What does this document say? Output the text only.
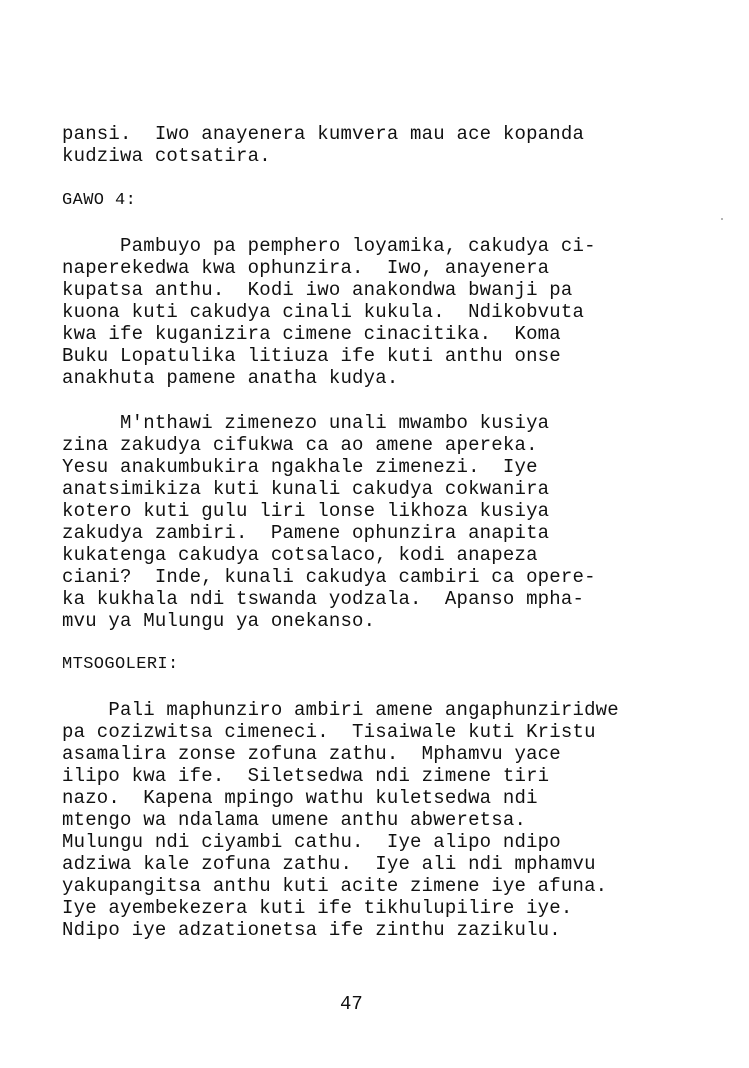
pansi.  Iwo anayenera kumvera mau ace kopanda
kudziwa cotsatira.
GAWO 4:
Pambuyo pa pemphero loyamika, cakudya ci-
naperekedwa kwa ophunzira.  Iwo, anayenera
kupatsa anthu.  Kodi iwo anakondwa bwanji pa
kuona kuti cakudya cinali kukula.  Ndikobvuta
kwa ife kuganizira cimene cinacitika.  Koma
Buku Lopatulika litiuza ife kuti anthu onse
anakhuta pamene anatha kudya.
M'nthawi zimenezo unali mwambo kusiya
zina zakudya cifukwa ca ao amene apereka.
Yesu anakumbukira ngakhale zimenezi.  Iye
anatsimikiza kuti kunali cakudya cokwanira
kotero kuti gulu liri lonse likhoza kusiya
zakudya zambiri.  Pamene ophunzira anapita
kukatenga cakudya cotsalaco, kodi anapeza
ciani?  Inde, kunali cakudya cambiri ca opere-
ka kukhala ndi tswanda yodzala.  Apanso mpha-
mvu ya Mulungu ya onekanso.
MTSOGOLERI:
Pali maphunziro ambiri amene angaphunziridwe
pa cozizwitsa cimeneci.  Tisaiwale kuti Kristu
asamalira zonse zofuna zathu.  Mphamvu yace
ilipo kwa ife.  Siletsedwa ndi zimene tiri
nazo.  Kapena mpingo wathu kuletsedwa ndi
mtengo wa ndalama umene anthu abweretsa.
Mulungu ndi ciyambi cathu.  Iye alipo ndipo
adziwa kale zofuna zathu.  Iye ali ndi mphamvu
yakupangitsa anthu kuti acite zimene iye afuna.
Iye ayembekezera kuti ife tikhulupilire iye.
Ndipo iye adzationetsa ife zinthu zazikulu.
47
